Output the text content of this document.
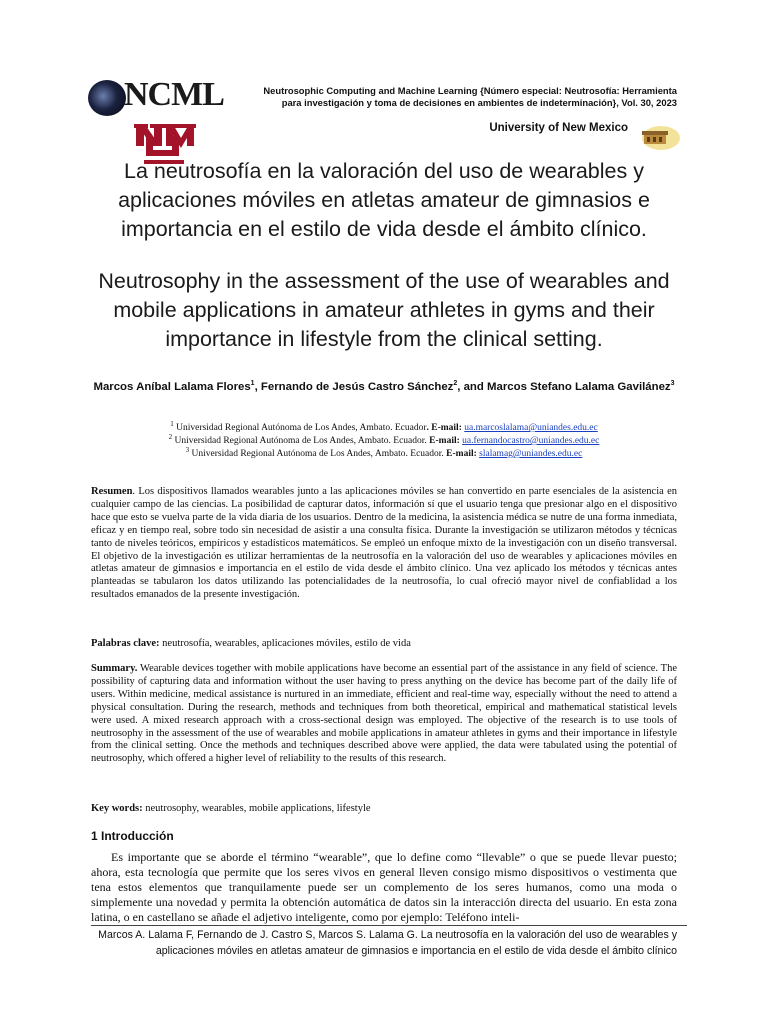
NCML	Neutrosophic Computing and Machine Learning {Número especial: Neutrosofía: Herramienta para investigación y toma de decisiones en ambientes de indeterminación}, Vol. 30, 2023
University of New Mexico
La neutrosofía en la valoración del uso de wearables y aplicaciones móviles en atletas amateur de gimnasios e importancia en el estilo de vida desde el ámbito clínico.
Neutrosophy in the assessment of the use of wearables and mobile applications in amateur athletes in gyms and their importance in lifestyle from the clinical setting.
Marcos Aníbal Lalama Flores$^1$, Fernando de Jesús Castro Sánchez$^2$, and Marcos Stefano Lalama Gavilánez$^3$
$^1$ Universidad Regional Autónoma de Los Andes, Ambato. Ecuador. E-mail: ua.marcoslalama@uniandes.edu.ec
$^2$ Universidad Regional Autónoma de Los Andes, Ambato. Ecuador. E-mail: ua.fernandocastro@uniandes.edu.ec
$^3$ Universidad Regional Autónoma de Los Andes, Ambato. Ecuador. E-mail: slalamag@uniandes.edu.ec
Resumen. Los dispositivos llamados wearables junto a las aplicaciones móviles se han convertido en parte esenciales de la asistencia en cualquier campo de las ciencias. La posibilidad de capturar datos, información sí que el usuario tenga que presionar algo en el dispositivo hace que esto se vuelva parte de la vida diaria de los usuarios. Dentro de la medicina, la asistencia médica se nutre de una forma inmediata, eficaz y en tiempo real, sobre todo sin necesidad de asistir a una consulta física. Durante la investigación se utilizaron métodos y técnicas tanto de niveles teóricos, empíricos y estadísticos matemáticos. Se empleó un enfoque mixto de la investigación con un diseño transversal. El objetivo de la investigación es utilizar herramientas de la neutrosofía en la valoración del uso de wearables y aplicaciones móviles en atletas amateur de gimnasios e importancia en el estilo de vida desde el ámbito clínico. Una vez aplicado los métodos y técnicas antes planteadas se tabularon los datos utilizando las potencialidades de la neutrosofía, lo cual ofreció mayor nivel de confiablidad a los resultados emanados de la presente investigación.
Palabras clave: neutrosofía, wearables, aplicaciones móviles, estilo de vida
Summary. Wearable devices together with mobile applications have become an essential part of the assistance in any field of science. The possibility of capturing data and information without the user having to press anything on the device has become part of the daily life of users. Within medicine, medical assistance is nurtured in an immediate, efficient and real-time way, especially without the need to attend a physical consultation. During the research, methods and techniques from both theoretical, empirical and mathematical statistical levels were used. A mixed research approach with a cross-sectional design was employed. The objective of the research is to use tools of neutrosophy in the assessment of the use of wearables and mobile applications in amateur athletes in gyms and their importance in lifestyle from the clinical setting. Once the methods and techniques described above were applied, the data were tabulated using the potential of neutrosophy, which offered a higher level of reliability to the results of this research.
Key words: neutrosophy, wearables, mobile applications, lifestyle
1 Introducción
Es importante que se aborde el término “wearable”, que lo define como “llevable” o que se puede llevar puesto; ahora, esta tecnología que permite que los seres vivos en general lleven consigo mismo dispositivos o vestimenta que tena estos elementos que tranquilamente puede ser un complemento de los seres humanos, como una moda o simplemente una novedad y permita la obtención automática de datos sin la interacción directa del usuario. En esta zona latina, o en castellano se añade el adjetivo inteligente, como por ejemplo: Teléfono inteli-
Marcos A. Lalama F, Fernando de J. Castro S, Marcos S. Lalama G. La neutrosofía en la valoración del uso de wearables y aplicaciones móviles en atletas amateur de gimnasios e importancia en el estilo de vida desde el ámbito clínico
